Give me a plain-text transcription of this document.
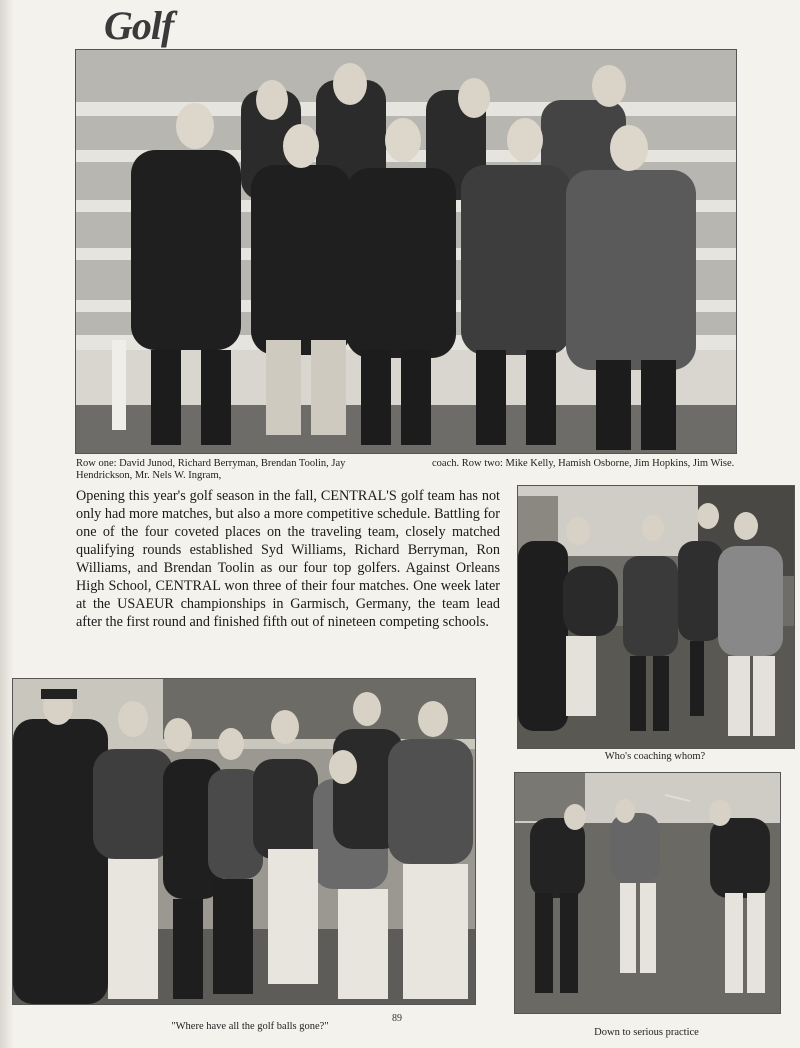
Golf
Row one: David Junod, Richard Berryman, Brendan Toolin, Jay Hendrickson, Mr. Nels W. Ingram,
coach. Row two: Mike Kelly, Hamish Osborne, Jim Hopkins, Jim Wise.
Opening this year's golf season in the fall, CENTRAL'S golf team has not only had more matches, but also a more competitive schedule. Battling for one of the four coveted places on the traveling team, closely matched qualifying rounds established Syd Williams, Richard Berryman, Ron Williams, and Brendan Toolin as our four top golfers. Against Orleans High School, CENTRAL won three of their four matches. One week later at the USAEUR championships in Garmisch, Germany, the team lead after the first round and finished fifth out of nineteen competing schools.
Who's coaching whom?
"Where have all the golf balls gone?"
89
Down to serious practice
